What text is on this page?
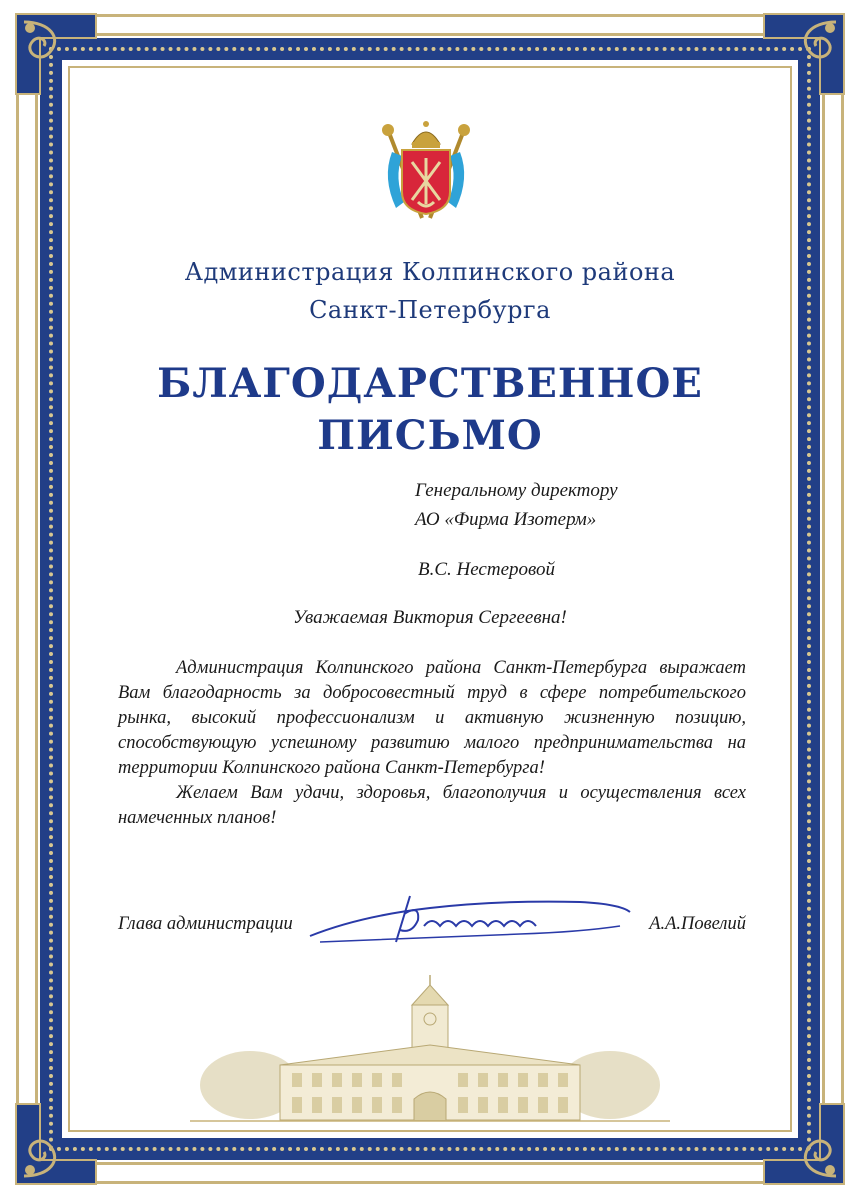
Администрация Колпинского района
Санкт-Петербурга
БЛАГОДАРСТВЕННОЕ
ПИСЬМО
Генеральному директору
АО «Фирма Изотерм»
В.С. Нестеровой
Уважаемая Виктория Сергеевна!

Администрация Колпинского района Санкт-Петербурга выражает Вам благодарность за добросовестный труд в сфере потребительского рынка, высокий профессионализм и активную жизненную позицию, способствующую успешному развитию малого предпринимательства на территории Колпинского района Санкт-Петербурга!

Желаем Вам удачи, здоровья, благополучия и осуществления всех намеченных планов!

Глава администрации	А.А.Повелий
